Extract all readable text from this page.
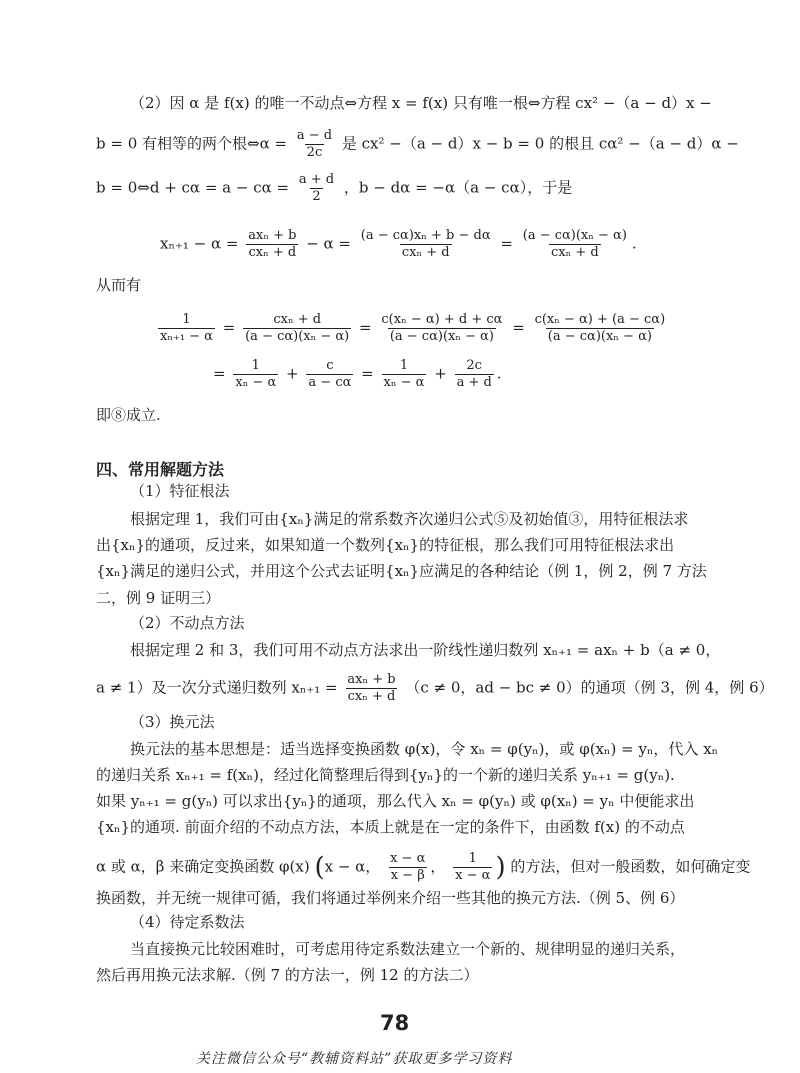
（2）因 α 是 f(x) 的唯一不动点⇔方程 x = f(x) 只有唯一根⇔方程 cx² −（a − d）x −
b = 0 有相等的两个根⇔α = $\frac{a - d}{2c}$ 是 cx² −（a − d）x − b = 0 的根且 cα² −（a − d）α −
b = 0⇔d + $c\alpha = a - c\alpha = \frac{a + d}{2}$ ，b − dα = −α（a − cα），于是
$x_{n+1} - \alpha = \frac{\text{axₙ + b}}{\text{cxₙ + d}} - \alpha = \frac{\text{(a − cα)xₙ + b − dα}}{\text{cxₙ + d}} = \frac{\text{(a − cα)(xₙ − α)}}{\text{cxₙ + d}}$ .
从而有
$\frac{1}{\text{xₙ₊₁ − α}} = \frac{\text{cxₙ + d}}{\text{(a − cα)(xₙ − α)}} = \frac{\text{c(xₙ − α) + d + cα}}{\text{(a − cα)(xₙ − α)}} = \frac{\text{c(xₙ − α) + (a − cα)}}{\text{(a − cα)(xₙ − α)}}$
= $\frac{1}{\text{xₙ − α}} + \frac{c}{a - c\alpha} = \frac{1}{\text{xₙ − α}} + \frac{2c}{a + d}$ .
即⑧成立.
四、常用解题方法
（1）特征根法
根据定理 1，我们可由{xₙ}满足的常系数齐次递归公式⑤及初始值③，用特征根法求
出{xₙ}的通项，反过来，如果知道一个数列{xₙ}的特征根，那么我们可用特征根法求出
{xₙ}满足的递归公式，并用这个公式去证明{xₙ}应满足的各种结论（例 1，例 2，例 7 方法
二，例 9 证明三）
（2）不动点方法
根据定理 2 和 3，我们可用不动点方法求出一阶线性递归数列 xₙ₊₁ = axₙ + b（a ≠ 0，
a ≠ 1）及一次分式递归数列 $x_{n+1} = \frac{\text{axₙ + b}}{\text{cxₙ + d}} (c \ne 0$，ad − bc ≠ 0）的通项（例 3，例 4，例 6）
（3）换元法
换元法的基本思想是：适当选择变换函数 φ(x)，令 xₙ = φ(yₙ)，或 φ(xₙ) = yₙ，代入 xₙ
的递归关系 xₙ₊₁ = f(xₙ)，经过化简整理后得到{yₙ}的一个新的递归关系 yₙ₊₁ = g(yₙ).
如果 yₙ₊₁ = g(yₙ) 可以求出{yₙ}的通项，那么代入 xₙ = φ(yₙ) 或 φ(xₙ) = yₙ 中便能求出
{xₙ}的通项. 前面介绍的不动点方法，本质上就是在一定的条件下，由函数 f(x) 的不动点
α 或 α，β 来确定变换函数 φ(x) (x − α， $\frac{x - \alpha}{x - \beta}$ ， $\frac{1}{x - \alpha}$ ) 的方法，但对一般函数，如何确定变
换函数，并无统一规律可循，我们将通过举例来介绍一些其他的换元方法.（例 5、例 6）
（4）待定系数法
当直接换元比较困难时，可考虑用待定系数法建立一个新的、规律明显的递归关系，
然后再用换元法求解.（例 7 的方法一，例 12 的方法二）
78
关注微信公众号“教辅资料站”获取更多学习资料
